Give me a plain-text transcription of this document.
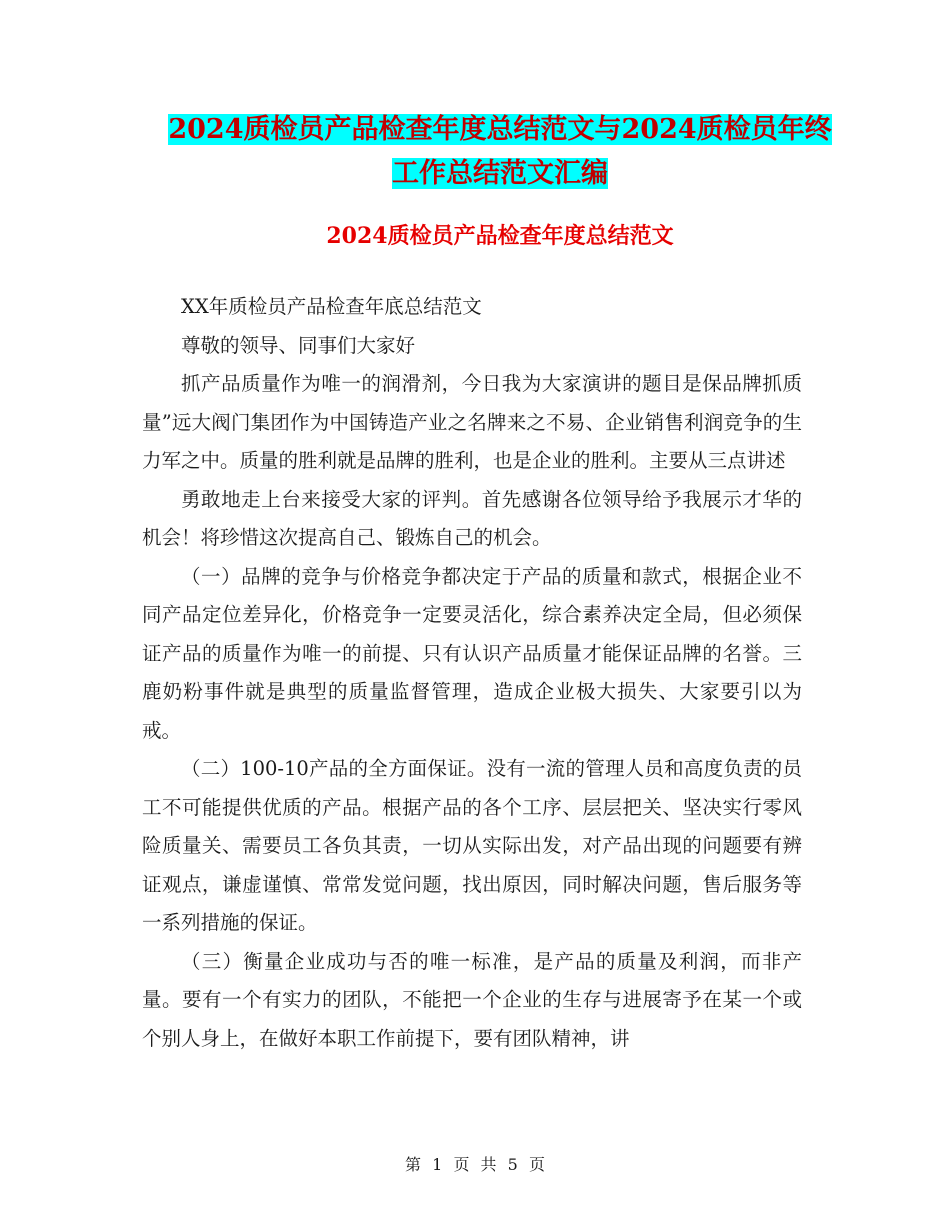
2024质检员产品检查年度总结范文与2024质检员年终
工作总结范文汇编
2024质检员产品检查年度总结范文

XX年质检员产品检查年底总结范文

尊敬的领导、同事们大家好

抓产品质量作为唯一的润滑剂，今日我为大家演讲的题目是保品牌抓质量”远大阀门集团作为中国铸造产业之名牌来之不易、企业销售利润竞争的生力军之中。质量的胜利就是品牌的胜利，也是企业的胜利。主要从三点讲述

勇敢地走上台来接受大家的评判。首先感谢各位领导给予我展示才华的机会！将珍惜这次提高自己、锻炼自己的机会。

（一）品牌的竞争与价格竞争都决定于产品的质量和款式，根据企业不同产品定位差异化，价格竞争一定要灵活化，综合素养决定全局，但必须保证产品的质量作为唯一的前提、只有认识产品质量才能保证品牌的名誉。三鹿奶粉事件就是典型的质量监督管理，造成企业极大损失、大家要引以为戒。

（二）100-10产品的全方面保证。没有一流的管理人员和高度负责的员工不可能提供优质的产品。根据产品的各个工序、层层把关、坚决实行零风险质量关、需要员工各负其责，一切从实际出发，对产品出现的问题要有辨证观点，谦虚谨慎、常常发觉问题，找出原因，同时解决问题，售后服务等一系列措施的保证。

（三）衡量企业成功与否的唯一标准，是产品的质量及利润，而非产量。要有一个有实力的团队，不能把一个企业的生存与进展寄予在某一个或个别人身上，在做好本职工作前提下，要有团队精神，讲

第 1 页 共 5 页
